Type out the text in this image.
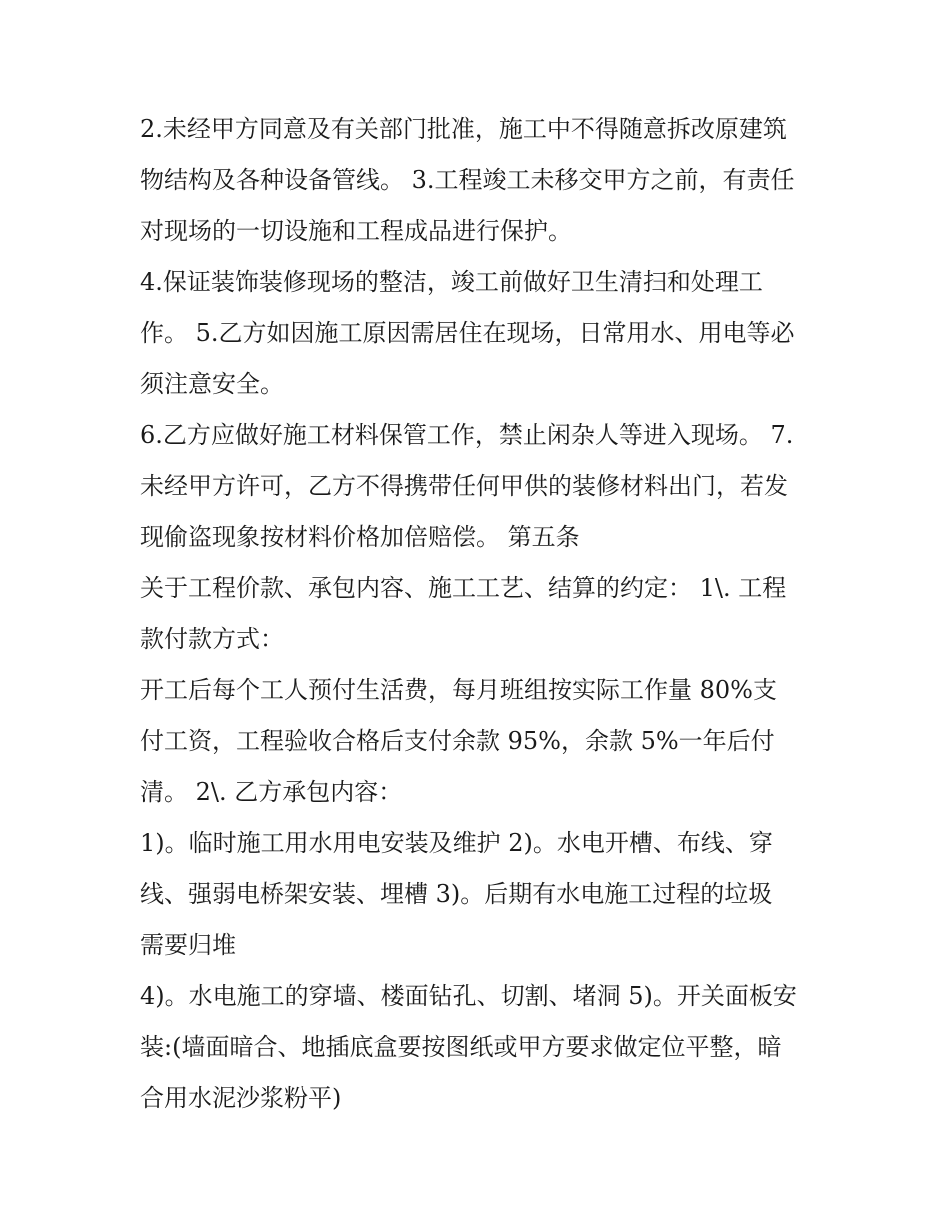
2.未经甲方同意及有关部门批准，施工中不得随意拆改原建筑
物结构及各种设备管线。 3.工程竣工未移交甲方之前，有责任
对现场的一切设施和工程成品进行保护。
4.保证装饰装修现场的整洁，竣工前做好卫生清扫和处理工
作。 5.乙方如因施工原因需居住在现场，日常用水、用电等必
须注意安全。
6.乙方应做好施工材料保管工作，禁止闲杂人等进入现场。 7.
未经甲方许可，乙方不得携带任何甲供的装修材料出门，若发
现偷盗现象按材料价格加倍赔偿。 第五条
关于工程价款、承包内容、施工工艺、结算的约定： 1\. 工程
款付款方式：
开工后每个工人预付生活费，每月班组按实际工作量 80%支
付工资，工程验收合格后支付余款 95%，余款 5%一年后付
清。 2\. 乙方承包内容：
1)。临时施工用水用电安装及维护 2)。水电开槽、布线、穿
线、强弱电桥架安装、埋槽 3)。后期有水电施工过程的垃圾
需要归堆
4)。水电施工的穿墙、楼面钻孔、切割、堵洞 5)。开关面板安
装:(墙面暗合、地插底盒要按图纸或甲方要求做定位平整，暗
合用水泥沙浆粉平)
